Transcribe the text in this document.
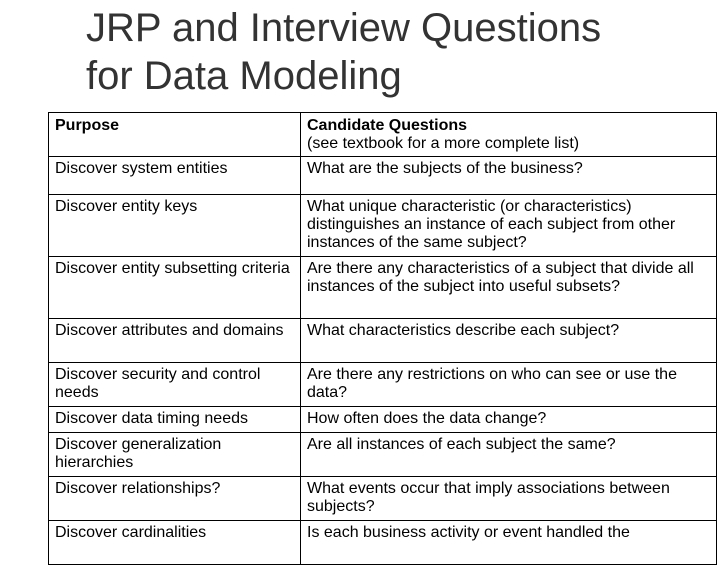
JRP and Interview Questions
for Data Modeling
Purpose	Candidate Questions
(see textbook for a more complete list)

Discover system entities	What are the subjects of the business?
Discover entity keys	What unique characteristic (or characteristics) distinguishes an instance of each subject from other instances of the same subject?
Discover entity subsetting criteria	Are there any characteristics of a subject that divide all instances of the subject into useful subsets?
Discover attributes and domains	What characteristics describe each subject?
Discover security and control needs	Are there any restrictions on who can see or use the data?
Discover data timing needs	How often does the data change?
Discover generalization hierarchies	Are all instances of each subject the same?
Discover relationships?	What events occur that imply associations between subjects?
Discover cardinalities	Is each business activity or event handled the
